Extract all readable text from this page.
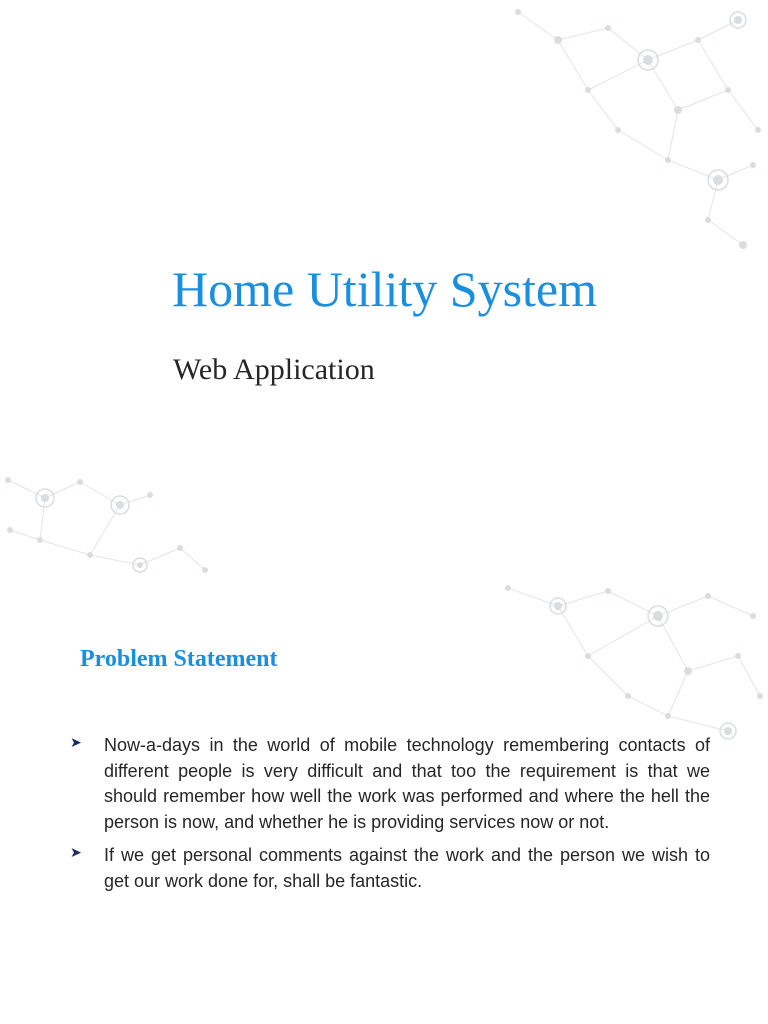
Home Utility System
Web Application
Problem Statement
➤ Now-a-days in the world of mobile technology remembering contacts of different people is very difficult and that too the requirement is that we should remember how well the work was performed and where the hell the person is now, and whether he is providing services now or not.
➤ If we get personal comments against the work and the person we wish to get our work done for, shall be fantastic.
